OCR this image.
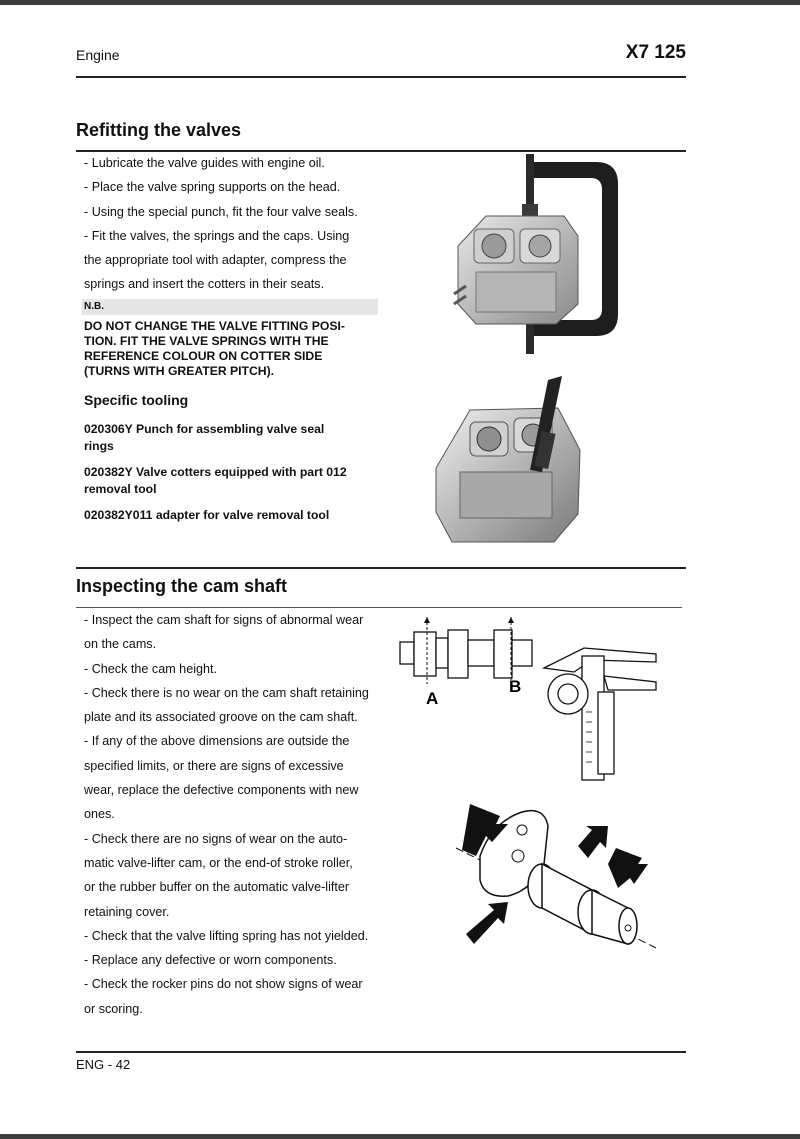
Engine	X7 125
Refitting the valves
- Lubricate the valve guides with engine oil.
- Place the valve spring supports on the head.
- Using the special punch, fit the four valve seals.
- Fit the valves, the springs and the caps. Using
the appropriate tool with adapter, compress the
springs and insert the cotters in their seats.
N.B.
DO NOT CHANGE THE VALVE FITTING POSI-
TION. FIT THE VALVE SPRINGS WITH THE
REFERENCE COLOUR ON COTTER SIDE
(TURNS WITH GREATER PITCH).
Specific tooling
020306Y Punch for assembling valve seal
rings
020382Y Valve cotters equipped with part 012
removal tool
020382Y011 adapter for valve removal tool
Inspecting the cam shaft
- Inspect the cam shaft for signs of abnormal wear
on the cams.
- Check the cam height.
- Check there is no wear on the cam shaft retaining
plate and its associated groove on the cam shaft.
- If any of the above dimensions are outside the
specified limits, or there are signs of excessive
wear, replace the defective components with new
ones.
- Check there are no signs of wear on the auto-
matic valve-lifter cam, or the end-of stroke roller,
or the rubber buffer on the automatic valve-lifter
retaining cover.
- Check that the valve lifting spring has not yielded.
- Replace any defective or worn components.
- Check the rocker pins do not show signs of wear
or scoring.
A
B
ENG - 42
